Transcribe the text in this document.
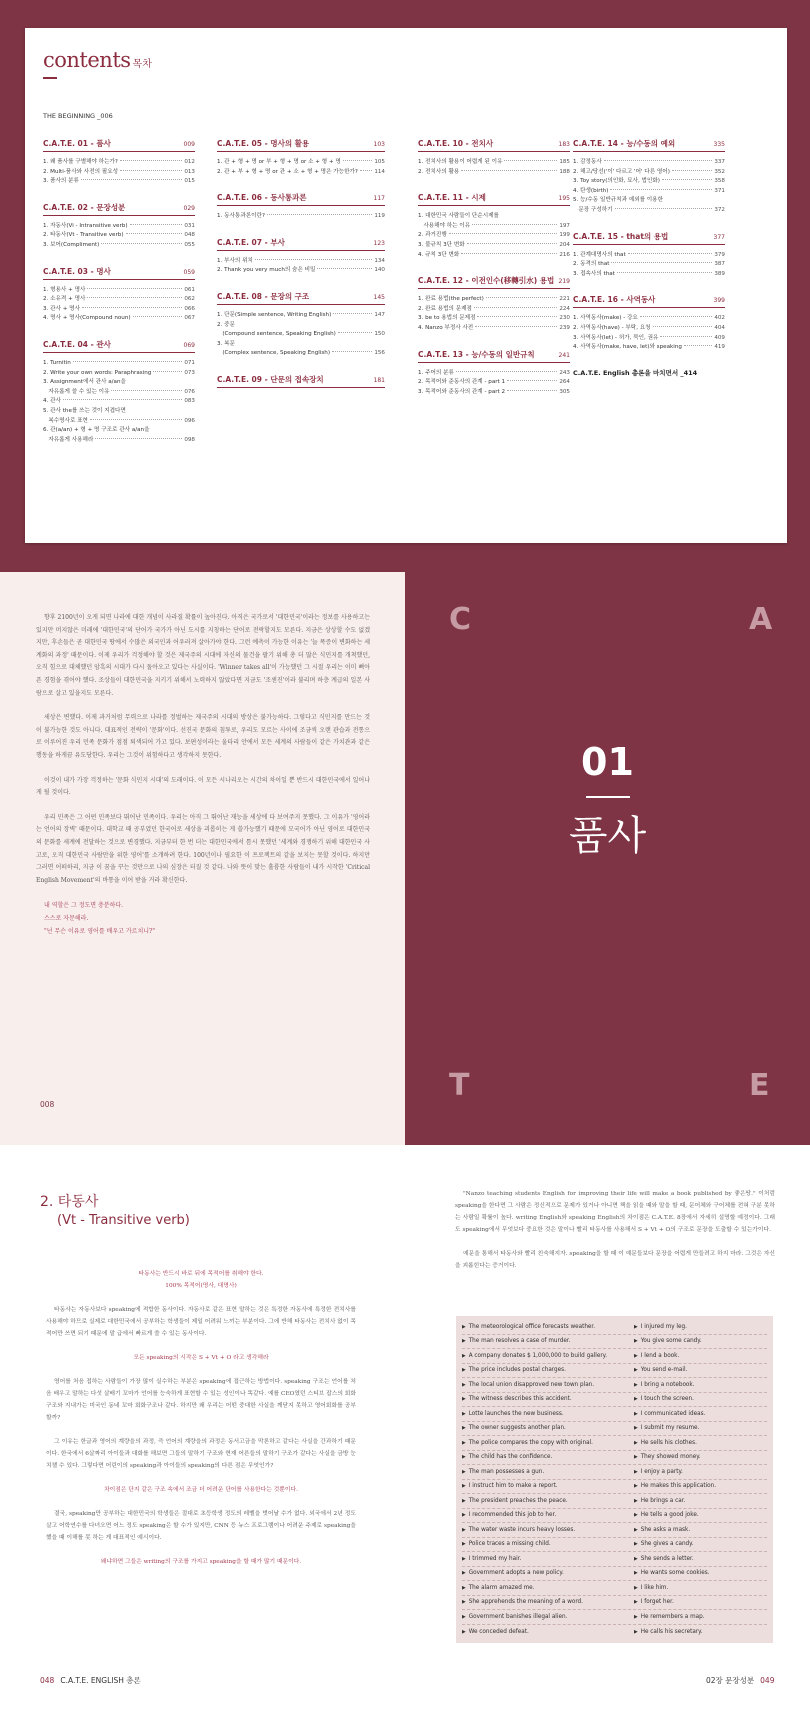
contents 목차
THE BEGINNING _006
C.A.T.E. 01 - 품사	009
1. 왜 품사를 구별해야 하는가?	012
2. Multi-품사와 사전의 필요성	013
3. 품사의 분류	015
C.A.T.E. 02 - 문장성분	029
1. 자동사(Vi - Intransitive verb)	031
2. 타동사(Vt - Transitive verb)	048
3. 보어(Compliment)	055
C.A.T.E. 03 - 명사	059
1. 형용사 + 명사	061
2. 소유격 + 명사	062
3. 관사 + 명사	066
4. 명사 + 명사(Compound noun)	067
C.A.T.E. 04 - 관사	069
1. Turnitin	071
2. Write your own words: Paraphrasing	073
3. Assignment에서 관사 a/an을
자유롭게 쓸 수 있는 이유	076
4. 관사	083
5. 관사 the를 쓰는 것이 지겹다면
복수명사로 표현	096
6. 관(a/an) + 형 + 명 구조로 관사 a/an을
자유롭게 사용해라	098
C.A.T.E. 05 - 명사의 활용	103
1. 관 + 형 + 명 or 부 + 형 + 명 or 소 + 형 + 명	105
2. 관 + 부 + 형 + 명 or 관 + 소 + 형 + 명은 가능한가?	114
C.A.T.E. 06 - 동사통과론	117
1. 동사통과론이란?	119
C.A.T.E. 07 - 부사	123
1. 부사의 위치	134
2. Thank you very much의 숨은 비밀	140
C.A.T.E. 08 - 문장의 구조	145
1. 단문(Simple sentence, Writing English)	147
2. 중문
(Compound sentence, Speaking English)	150
3. 복문
(Complex sentence, Speaking English)	156
C.A.T.E. 09 - 단문의 접속장치	181
C.A.T.E. 10 - 전치사	183
1. 전치사의 활용이 어렵게 된 이유	185
2. 전치사의 활용	188
C.A.T.E. 11 - 시제	195
1. 대한민국 사람들이 단순시제를
사용해야 하는 이유	197
2. 과거진행	199
3. 불규칙 3단 변화	204
4. 규칙 3단 변화	216
C.A.T.E. 12 - 이전인수(移轉引水) 용법 219
1. 완료 용법(the perfect)	221
2. 완료 용법의 문제점	224
3. be to 용법의 문제점	230
4. Nanzo 부정사 사전	239
C.A.T.E. 13 - 능/수동의 일반규칙	241
1. 주어의 분류	243
2. 목적어와 준동사의 관계 - part 1	264
3. 목적어와 준동사의 관계 - part 2	305
C.A.T.E. 14 - 능/수동의 예외	335
1. 감정동사	337
2. 해고/당선('이' 다르고 '어' 다른 영어)	352
3. Toy story(의인화, 묘사, 법인화)	358
4. 탄생(birth)	371
5. 능/수동 일반규칙과 예외를 이용한
문장 구성하기	372
C.A.T.E. 15 - that의 용법	377
1. 관계대명사의 that	379
2. 동격의 that	387
3. 접속사의 that	389
C.A.T.E. 16 - 사역동사	399
1. 사역동사(make) - 강요	402
2. 사역동사(have) - 부탁, 요청	404
3. 사역동사(let) - 허가, 묵인, 권유	409
4. 사역동사(make, have, let)와 speaking	419
C.A.T.E. English 총론을 마치면서 _414

향후 2100년이 오게 되면 나라에 대한 개념이 사라질 확률이 높아진다. 아직은 국가로서 '대한민국'이라는 정보를 사용하고는 있지만 머지않은 미래에 '대한민국'의 단어가 국가가 아닌 도시를 지칭하는 단어로 전락할지도 모른다. 지금은 상상할 수도 없겠지만, 후손들은 곧 대한민국 땅에서 수많은 외국인과 어우러져 살아가야 한다. 그런 예측이 가능한 이유는 '늘 폭증이 변화하는 세계화의 과정' 때문이다. 이제 우리가 걱정해야 할 것은 제국주의 시대에 자신의 물건을 팔기 위해 총 더 많은 식민지를 개척했던, 오직 힘으로 대체했던 암흑의 시대가 다시 돌아오고 있다는 사실이다. 'Winner takes all'이 가능했던 그 시절 우리는 이미 뼈아픈 경험을 겪어야 했다. 조상들이 대한민국을 지키기 위해서 노력하지 않았다면 지금도 '조센진'이라 불리며 하층 계급의 일본 사람으로 살고 있을지도 모른다.

세상은 변했다. 이제 과거처럼 무력으로 나라를 정벌하는 제국주의 시대의 방상은 불가능하다. 그렇다고 식민지를 만드는 것이 불가능한 것도 아니다. 대표적인 전략이 '문화'이다. 선진국 문화의 침투로, 우리도 모르는 사이에 조금씩 오랜 관습과 전통으로 이루어진 우리 민족 문화가 점점 퇴색되어 가고 있다. 보편성이라는 울타리 안에서 모든 세계의 사람들이 같은 가치관과 같은 행동을 하게끔 유도당한다. 우리는 그것이 위험하다고 생각하지 못한다.

이것이 내가 가장 걱정하는 '문화 식민지 시대'의 도래이다. 이 모든 시나리오는 시간의 차이일 뿐 반드시 대한민국에서 일어나게 될 것이다.

우리 민족은 그 어떤 민족보다 뛰어난 민족이다. 우리는 아직 그 뛰어난 재능을 세상에 다 보여주지 못했다. 그 이유가 '영어라는 언어의 장벽' 때문이다. 대학교 때 공부였던 한국어로 세상을 괴롭히는 게 쓸가능했기 때문에 모국어가 아닌 영어로 대한민국의 문화를 세계에 전달하는 것으로 변경했다. 지금부터 한 번 더는 대한민국에서 틈시 못했던 '세계와 경쟁하기 위해 대한민국 사고로, 오직 대한민국 사람만을 위한 영어'를 소개하려 한다. 100년이나 필요한 이 프로젝트의 같을 보지는 못할 것이다. 하지만 그러면 어떠하리, 지금 이 꿈을 꾸는 것만으로 나의 심장은 터질 것 같다. 나와 뜻이 맞는 훌륭한 사람들이 내가 시작한 'Critical English Movement'의 바통을 이어 받을 거라 확신한다.

내 역할은 그 정도면 충분하다.
스스로 자문해라.
"넌 무슨 이유로 영어를 배우고 가르치니?"
008
C	A
T	E
01
품사
2. 타동사
(Vt - Transitive verb)
타동사는 반드시 바로 뒤에 목적어를 취해야 한다.
100% 목적어(명사, 대명사)

타동사는 자동사보다 speaking에 적합한 동사이다. 자동사로 같은 표현 말하는 것은 특정한 자동사에 특정한 전치사를 사용해야 하므로 실제로 대한민국에서 공부하는 학생들이 제일 어려워 느끼는 부분이다. 그에 반해 타동사는 전치사 없이 목적어만 쓰면 되기 때문에 말 급에서 빠르게 쓸 수 있는 동사이다.

모든 speaking의 시작은 S + Vt + O 라고 생각해라

영어를 처음 접하는 사람들이 가장 많이 실수하는 부분은 speaking에 접근하는 방법이다. speaking 구조는 언어를 처음 배우고 말하는 다섯 살배기 꼬마가 언어를 능숙하게 표현할 수 있는 성인이나 똑같다. 예를 CEO였던 스티브 잡스의 회화구조와 지내가는 미국인 동네 꼬마 회화구조나 같다. 하지만 왜 우리는 어떤 중대한 사실을 깨닫지 못하고 영어회화를 공부할까?

그 이유는 한글과 영어의 계량을의 과정, 즉 언어의 계량을의 과정은 동서고금을 막론하고 같다는 사실을 간과하기 때문이다. 한국에서 6살짜리 아이들과 대화를 해보면 그들의 말하기 구조와 현재 어른들의 말하기 구조가 같다는 사실을 금방 눈치챌 수 있다. 그렇다면 어린이의 speaking과 아이들의 speaking의 다른 점은 무엇인가?

차이점은 단지 같은 구조 속에서 조금 더 어려운 단어를 사용한다는 것뿐이다.

결국, speaking만 공부하는 대한민국의 학생들은 절대로 초등학생 정도의 레벨을 벗어날 수가 없다. 외국에서 2년 정도 살고 어학연수를 다녀오면 어느 정도 speaking은 할 수가 있지만, CNN 등 뉴스 프로그램이나 어려운 주제로 speaking을 했을 때 이해를 못 하는 게 대표적인 예시이다.

왜냐하면 그들은 writing의 구조를 가지고 speaking을 할 때가 많기 때문이다.

"Nanzo teaching students English for improving their life will make a book published by 좋은땅." 이처럼 speaking을 한다면 그 사람은 정신적으로 문제가 있거나 아니면 책을 읽을 때와 말을 할 때, 문어체와 구어체를 전혀 구분 못하는 사람일 확률이 높다. writing English와 speaking English의 차이점은 C.A.T.E. 8장에서 자세히 설명할 예정이다. 그래도 speaking에서 무엇보다 중요한 것은 말이나 빨리 타동사를 사용해서 S + Vt + O의 구조로 문장을 도출할 수 있는가이다.

예문을 통해서 타동사와 빨리 친숙해지자. speaking을 할 때 이 예문들보다 문장을 어렵게 만들려고 하지 마라. 그것은 자신을 괴롭힌다는 증거이다.

▶ The meteorological office forecasts weather.	▶ I injured my leg.
▶ The man resolves a case of murder.	▶ You give some candy.
▶ A company donates $ 1,000,000 to build gallery.	▶ I lend a book.
▶ The price includes postal charges.	▶ You send e-mail.
▶ The local union disapproved new town plan.	▶ I bring a notebook.
▶ The witness describes this accident.	▶ I touch the screen.
▶ Lotte launches the new business.	▶ I communicated ideas.
▶ The owner suggests another plan.	▶ I submit my resume.
▶ The police compares the copy with original.	▶ He sells his clothes.
▶ The child has the confidence.	▶ They showed money.
▶ The man possesses a gun.	▶ I enjoy a party.
▶ I instruct him to make a report.	▶ He makes this application.
▶ The president preaches the peace.	▶ He brings a car.
▶ I recommended this job to her.	▶ He tells a good joke.
▶ The water waste incurs heavy losses.	▶ She asks a mask.
▶ Police traces a missing child.	▶ She gives a candy.
▶ I trimmed my hair.	▶ She sends a letter.
▶ Government adopts a new policy.	▶ He wants some cookies.
▶ The alarm amazed me.	▶ I like him.
▶ She apprehends the meaning of a word.	▶ I forget her.
▶ Government banishes illegal alien.	▶ He remembers a map.
▶ We conceded defeat.	▶ He calls his secretary.
048 C.A.T.E. ENGLISH 총론	02장 문장성분 049
